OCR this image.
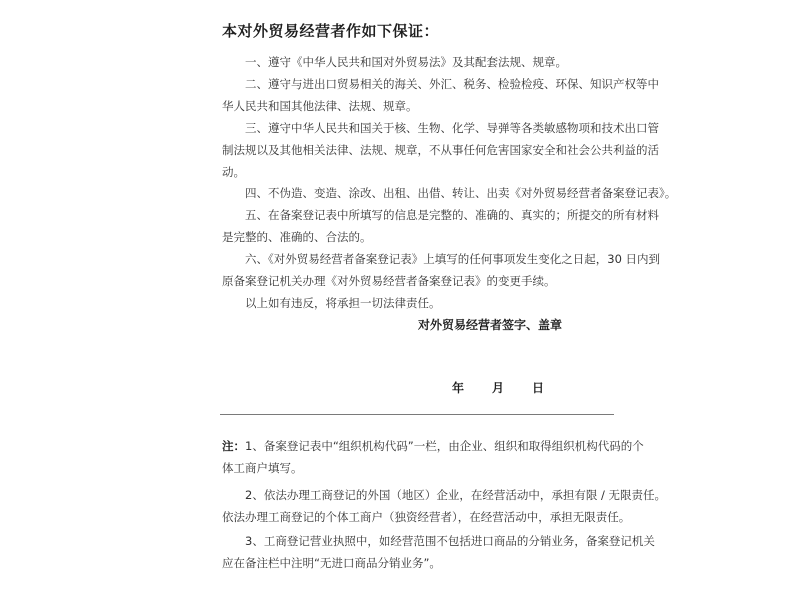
本对外贸易经营者作如下保证：
一、遵守《中华人民共和国对外贸易法》及其配套法规、规章。
二、遵守与进出口贸易相关的海关、外汇、税务、检验检疫、环保、知识产权等中
华人民共和国其他法律、法规、规章。
三、遵守中华人民共和国关于核、生物、化学、导弹等各类敏感物项和技术出口管
制法规以及其他相关法律、法规、规章，不从事任何危害国家安全和社会公共利益的活
动。
四、不伪造、变造、涂改、出租、出借、转让、出卖《对外贸易经营者备案登记表》。
五、在备案登记表中所填写的信息是完整的、准确的、真实的；所提交的所有材料
是完整的、准确的、合法的。
六、《对外贸易经营者备案登记表》上填写的任何事项发生变化之日起，30 日内到
原备案登记机关办理《对外贸易经营者备案登记表》的变更手续。
以上如有违反，将承担一切法律责任。
对外贸易经营者签字、盖章
年 月 日
注：1、备案登记表中“组织机构代码”一栏，由企业、组织和取得组织机构代码的个
体工商户填写。
2、依法办理工商登记的外国（地区）企业，在经营活动中，承担有限 / 无限责任。
依法办理工商登记的个体工商户（独资经营者），在经营活动中，承担无限责任。
3、工商登记营业执照中，如经营范围不包括进口商品的分销业务，备案登记机关
应在备注栏中注明“无进口商品分销业务”。
